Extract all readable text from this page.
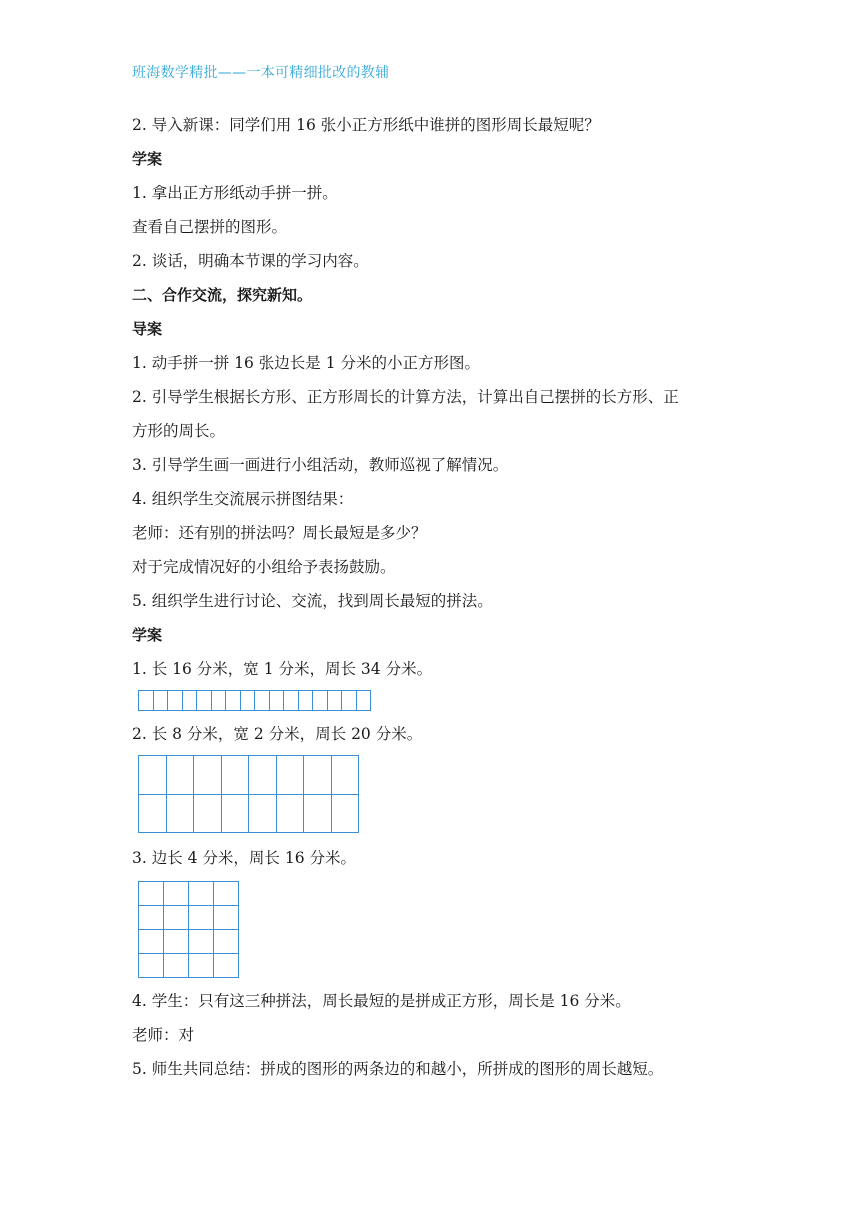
班海数学精批——一本可精细批改的教辅
2. 导入新课：同学们用 16 张小正方形纸中谁拼的图形周长最短呢？
学案
1. 拿出正方形纸动手拼一拼。
查看自己摆拼的图形。
2. 谈话，明确本节课的学习内容。
二、合作交流，探究新知。
导案
1. 动手拼一拼 16 张边长是 1 分米的小正方形图。
2. 引导学生根据长方形、正方形周长的计算方法，计算出自己摆拼的长方形、正
方形的周长。
3. 引导学生画一画进行小组活动，教师巡视了解情况。
4. 组织学生交流展示拼图结果：
老师：还有别的拼法吗？周长最短是多少？
对于完成情况好的小组给予表扬鼓励。
5. 组织学生进行讨论、交流，找到周长最短的拼法。
学案
1. 长 16 分米，宽 1 分米，周长 34 分米。
2. 长 8 分米，宽 2 分米，周长 20 分米。
3. 边长 4 分米，周长 16 分米。
4. 学生：只有这三种拼法，周长最短的是拼成正方形，周长是 16 分米。
老师：对
5. 师生共同总结：拼成的图形的两条边的和越小，所拼成的图形的周长越短。
